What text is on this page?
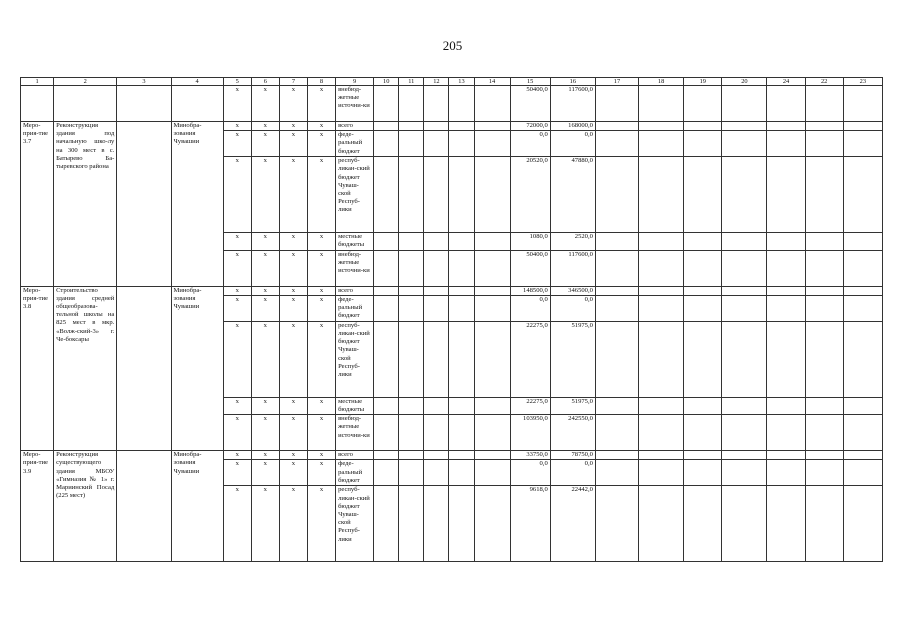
205
1	2	3	4	5	6	7	8	9	10	11	12	13	14	15	16	17	18	19	20	24	22	23
				x	x	x	x	внебюд-жетные источни-ки						50400,0	117600,0							
Меро-прия-тие 3.7	Реконструкция здания под начальную шко-лу на 300 мест в с. Батырево Ба-тыревского района		Минобра-зования Чувашии	x	x	x	x	всего						72000,0	168000,0							
				x	x	x	x	феде-ральный бюджет						0,0	0,0							
				x	x	x	x	респуб-ликан-ский бюджет Чуваш-ской Респуб-лики						20520,0	47880,0							
				x	x	x	x	местные бюджеты						1080,0	2520,0							
				x	x	x	x	внебюд-жетные источни-ки						50400,0	117600,0							
Меро-прия-тие 3.8	Строительство здания средней общеобразова-тельной школы на 825 мест в мкр. «Волж-ский-3» г. Че-боксары		Минобра-зования Чувашии	x	x	x	x	всего						148500,0	346500,0							
				x	x	x	x	феде-ральный бюджет						0,0	0,0							
				x	x	x	x	респуб-ликан-ский бюджет Чуваш-ской Респуб-лики						22275,0	51975,0							
				x	x	x	x	местные бюджеты						22275,0	51975,0							
				x	x	x	x	внебюд-жетные источни-ки						103950,0	242550,0							
Меро-прия-тие 3.9	Реконструкция существующего здания МБОУ «Гимназия № 1» г. Мариинский Посад (225 мест)		Минобра-зования Чувашии	x	x	x	x	всего						33750,0	78750,0							
				x	x	x	x	феде-ральный бюджет						0,0	0,0							
				x	x	x	x	респуб-ликан-ский бюджет Чуваш-ской Респуб-лики						9618,0	22442,0							
